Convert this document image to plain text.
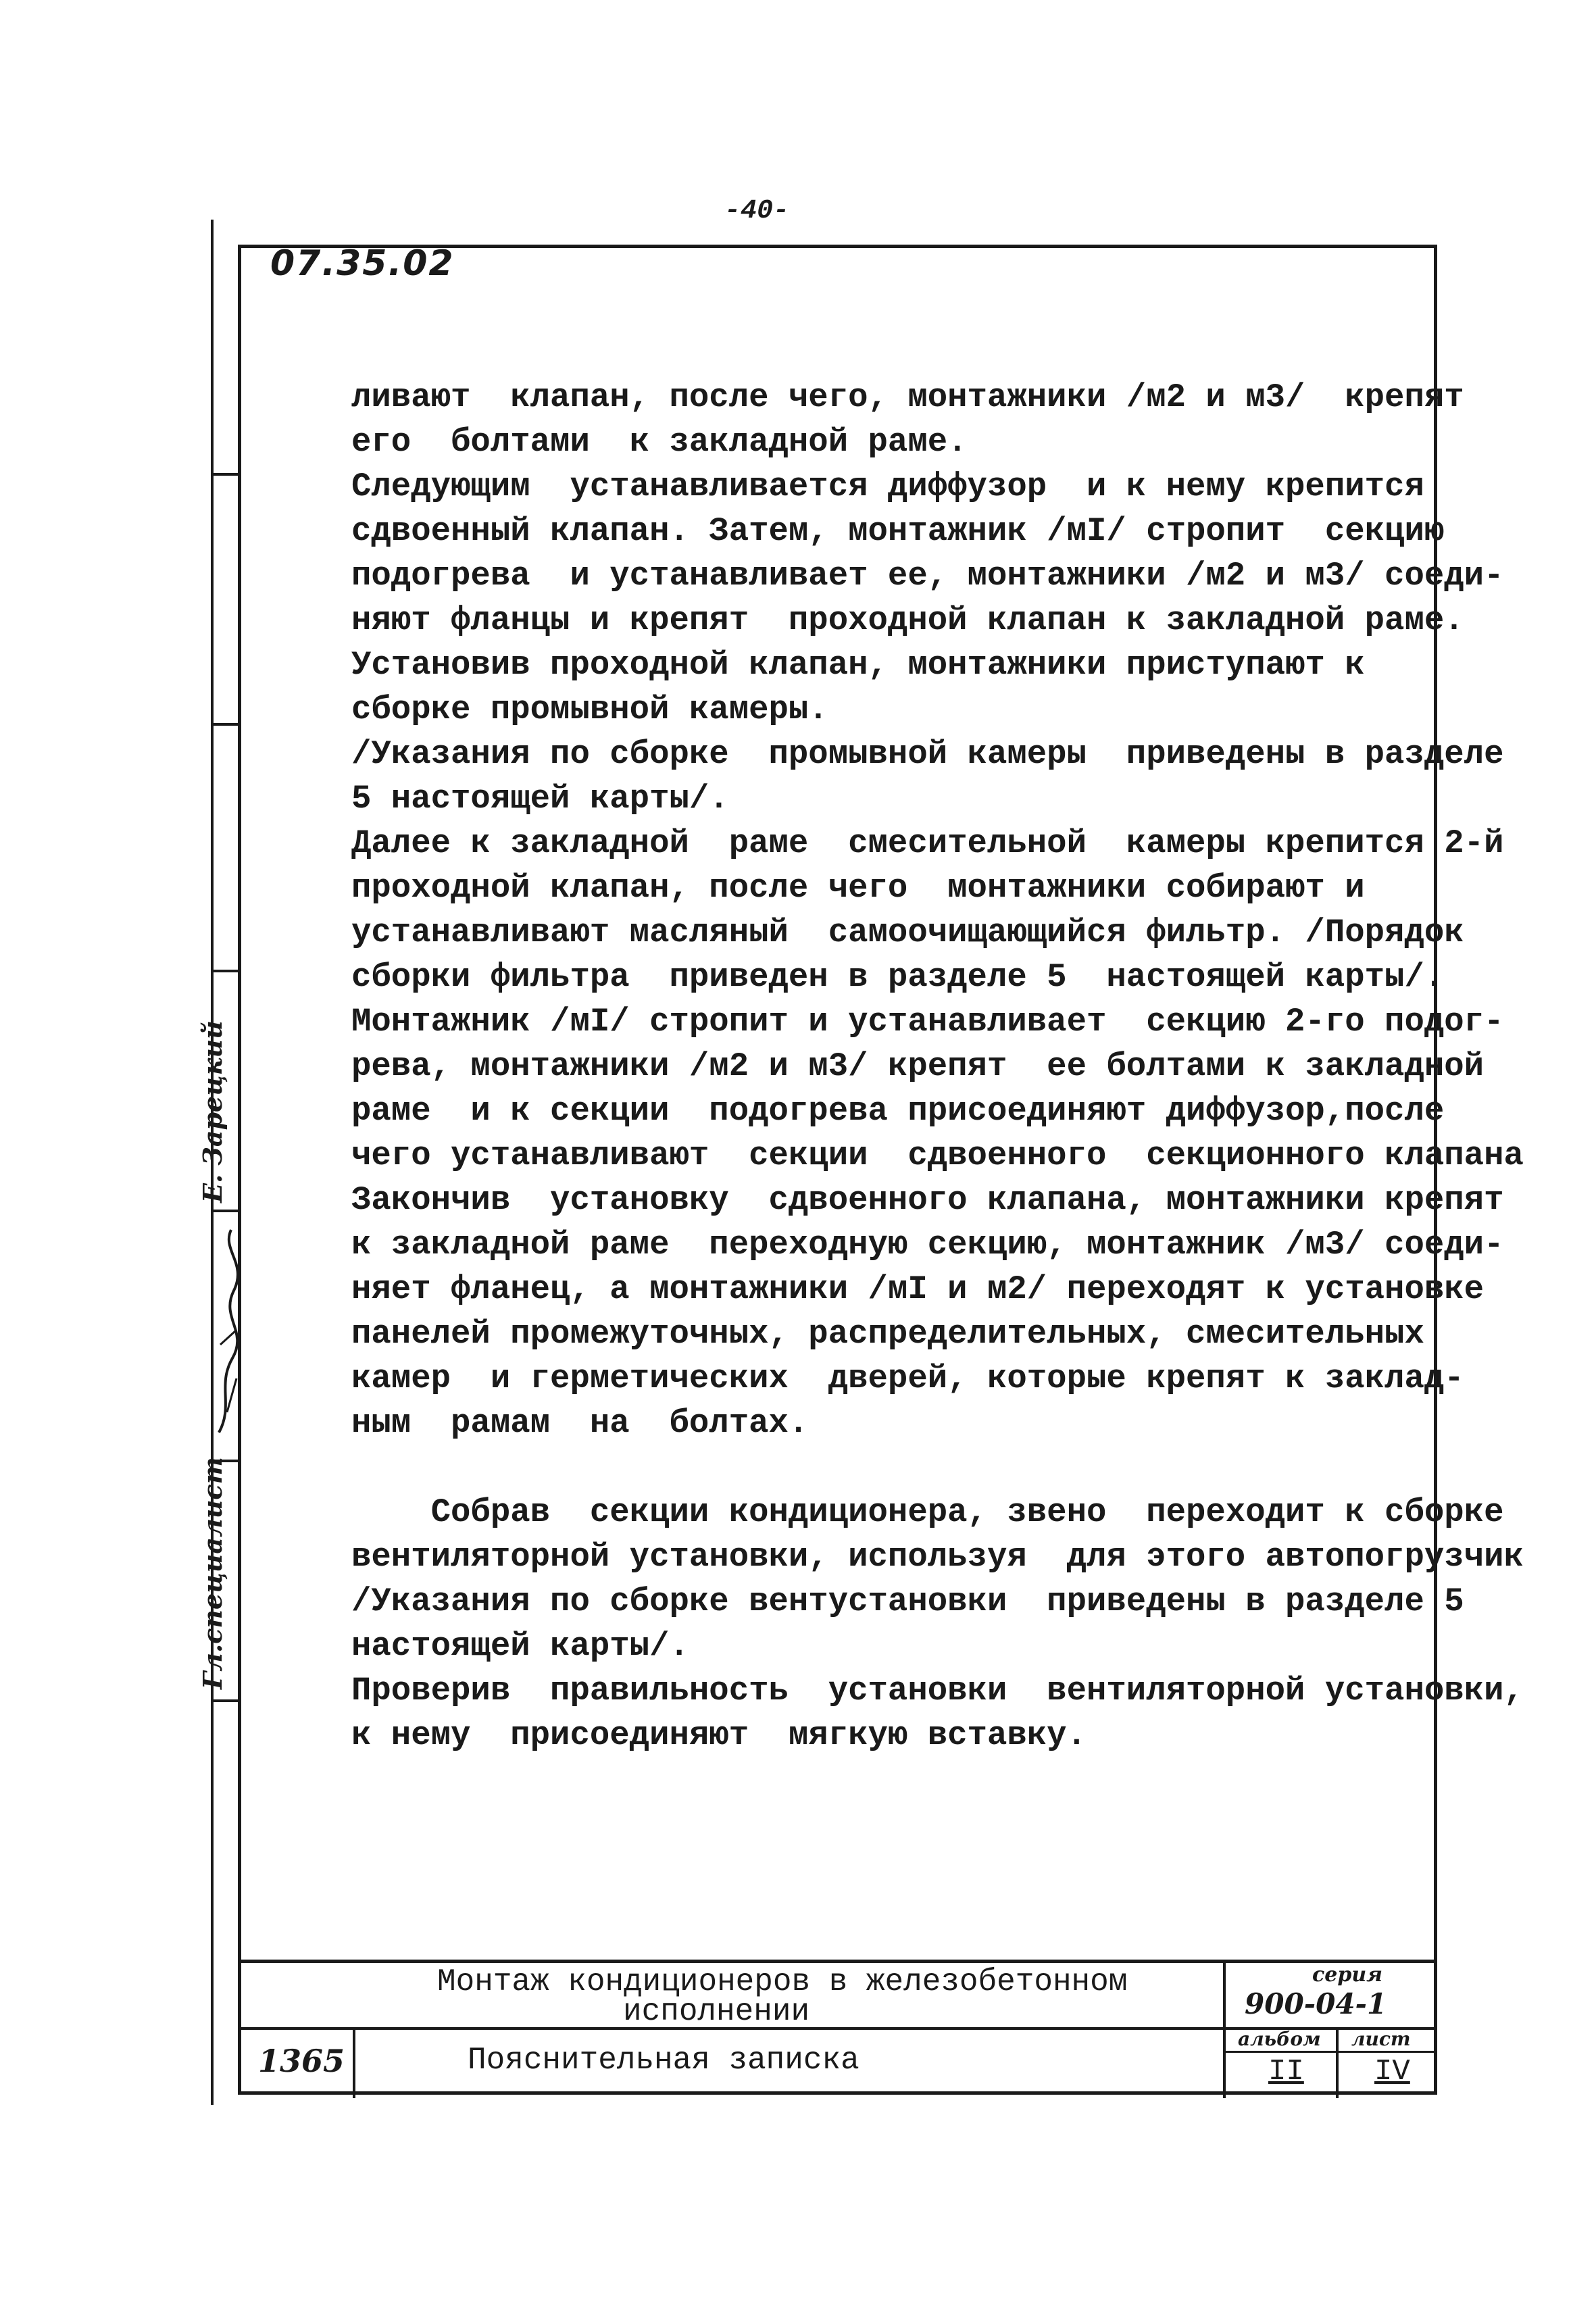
-40-
07.35.02
Е. Зарецкий
Гл.специалист
ливают  клапан, после чего, монтажники /м2 и м3/  крепят
его  болтами  к закладной раме.
Следующим  устанавливается диффузор  и к нему крепится
сдвоенный клапан. Затем, монтажник /мI/ стропит  секцию
подогрева  и устанавливает ее, монтажники /м2 и м3/ соеди-
няют фланцы и крепят  проходной клапан к закладной раме.
Установив проходной клапан, монтажники приступают к
сборке промывной камеры.
/Указания по сборке  промывной камеры  приведены в разделе
5 настоящей карты/.
Далее к закладной  раме  смесительной  камеры крепится 2-й
проходной клапан, после чего  монтажники собирают и
устанавливают масляный  самоочищающийся фильтр. /Порядок
сборки фильтра  приведен в разделе 5  настоящей карты/.
Монтажник /мI/ стропит и устанавливает  секцию 2-го подог-
рева, монтажники /м2 и м3/ крепят  ее болтами к закладной
раме  и к секции  подогрева присоединяют диффузор,после
чего устанавливают  секции  сдвоенного  секционного клапана
Закончив  установку  сдвоенного клапана, монтажники крепят
к закладной раме  переходную секцию, монтажник /м3/ соеди-
няет фланец, а монтажники /мI и м2/ переходят к установке
панелей промежуточных, распределительных, смесительных
камер  и герметических  дверей, которые крепят к заклад-
ным  рамам  на  болтах.
Собрав  секции кондиционера, звено  переходит к сборке
вентиляторной установки, используя  для этого автопогрузчик
/Указания по сборке вентустановки  приведены в разделе 5
настоящей карты/.
Проверив  правильность  установки  вентиляторной установки,
к нему  присоединяют  мягкую вставку.
Монтаж кондиционеров в железобетонном
исполнении
Пояснительная записка
1365
серия
900-04-1
альбом лист
II IV
